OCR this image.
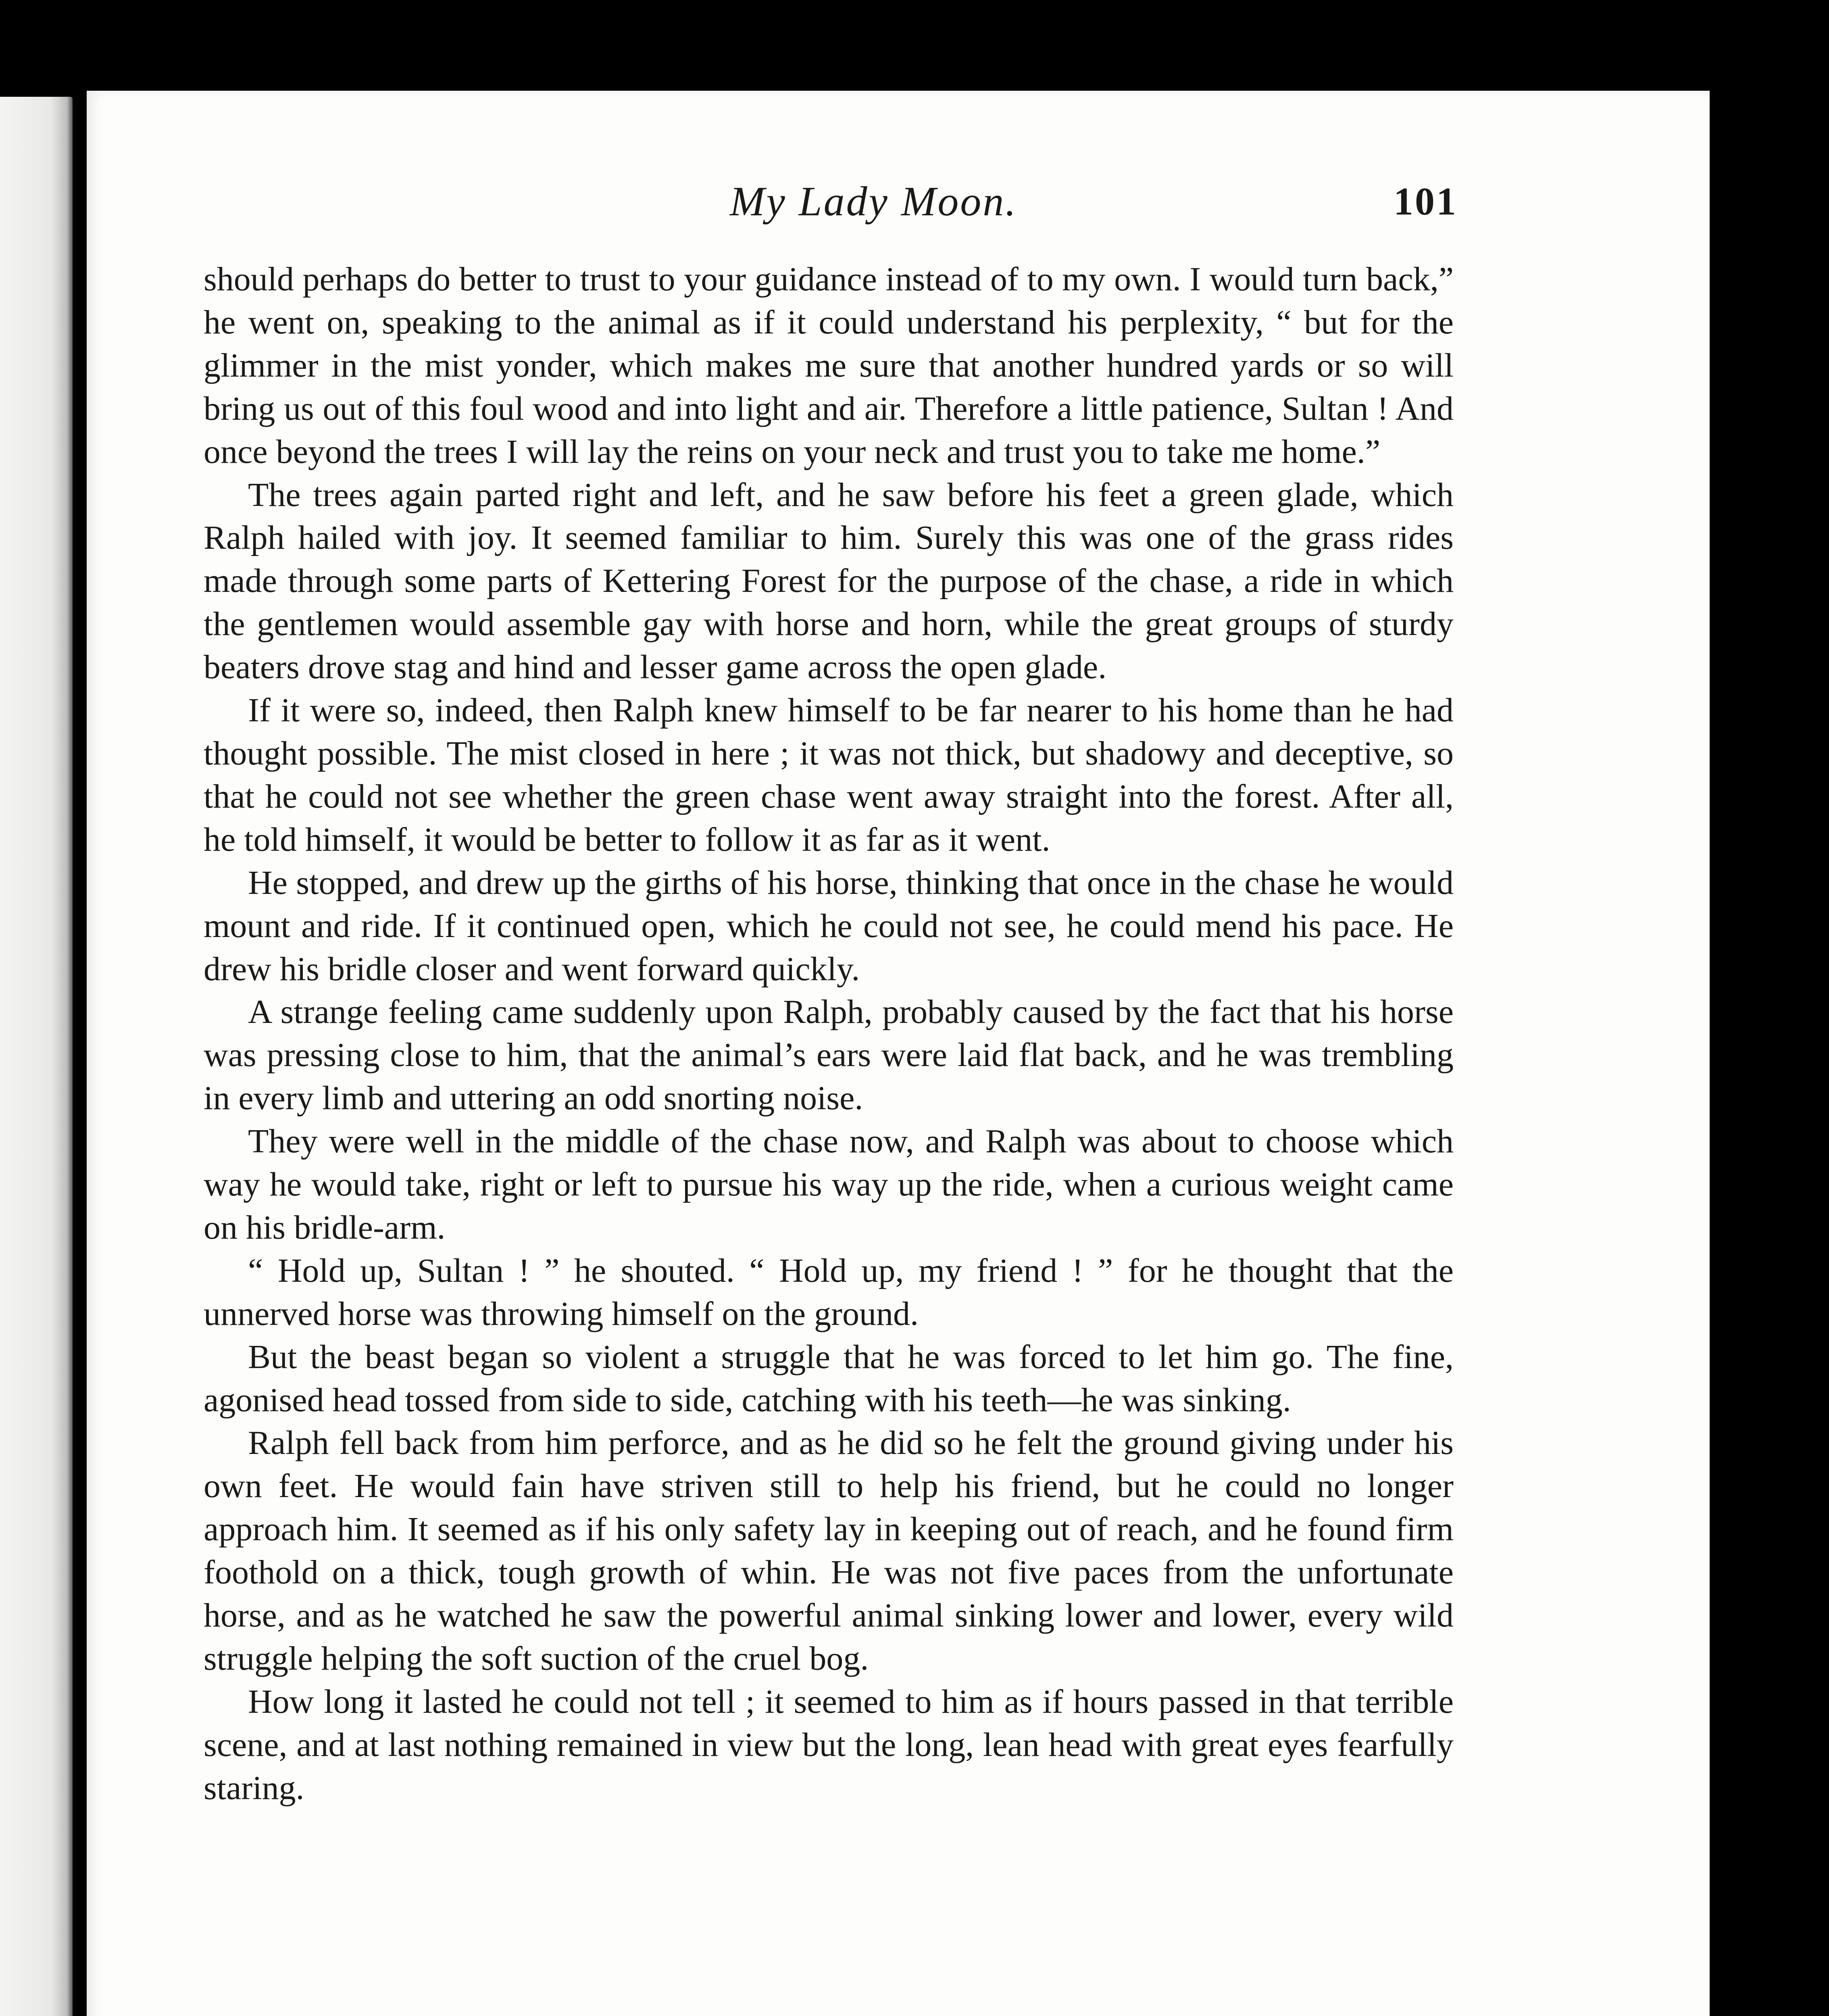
My Lady Moon.	101

should perhaps do better to trust to your guidance instead of to my own. I would turn back,” he went on, speaking to the animal as if it could understand his perplexity, “ but for the glimmer in the mist yonder, which makes me sure that another hundred yards or so will bring us out of this foul wood and into light and air. Therefore a little patience, Sultan ! And once beyond the trees I will lay the reins on your neck and trust you to take me home.”

The trees again parted right and left, and he saw before his feet a green glade, which Ralph hailed with joy. It seemed familiar to him. Surely this was one of the grass rides made through some parts of Kettering Forest for the purpose of the chase, a ride in which the gentlemen would assemble gay with horse and horn, while the great groups of sturdy beaters drove stag and hind and lesser game across the open glade.

If it were so, indeed, then Ralph knew himself to be far nearer to his home than he had thought possible. The mist closed in here ; it was not thick, but shadowy and deceptive, so that he could not see whether the green chase went away straight into the forest. After all, he told himself, it would be better to follow it as far as it went.

He stopped, and drew up the girths of his horse, thinking that once in the chase he would mount and ride. If it continued open, which he could not see, he could mend his pace. He drew his bridle closer and went forward quickly.

A strange feeling came suddenly upon Ralph, probably caused by the fact that his horse was pressing close to him, that the animal’s ears were laid flat back, and he was trembling in every limb and uttering an odd snorting noise.

They were well in the middle of the chase now, and Ralph was about to choose which way he would take, right or left to pursue his way up the ride, when a curious weight came on his bridle-arm.

“ Hold up, Sultan ! ” he shouted. “ Hold up, my friend ! ” for he thought that the unnerved horse was throwing himself on the ground.

But the beast began so violent a struggle that he was forced to let him go. The fine, agonised head tossed from side to side, catching with his teeth—he was sinking.

Ralph fell back from him perforce, and as he did so he felt the ground giving under his own feet. He would fain have striven still to help his friend, but he could no longer approach him. It seemed as if his only safety lay in keeping out of reach, and he found firm foothold on a thick, tough growth of whin. He was not five paces from the unfortunate horse, and as he watched he saw the powerful animal sinking lower and lower, every wild struggle helping the soft suction of the cruel bog.

How long it lasted he could not tell ; it seemed to him as if hours passed in that terrible scene, and at last nothing remained in view but the long, lean head with great eyes fearfully staring.
